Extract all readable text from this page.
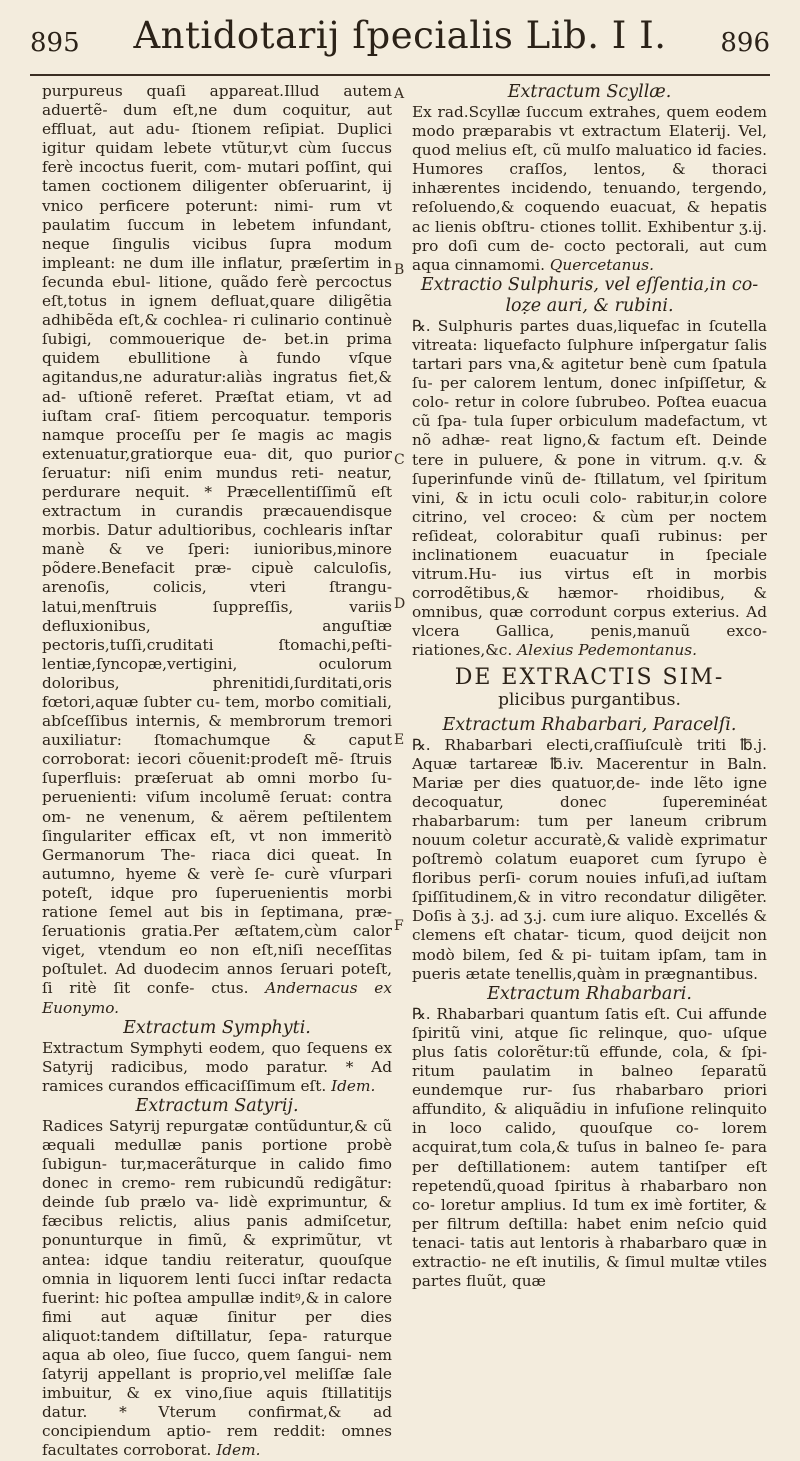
895	Antidotarij ſpecialis Lib. I I.	896
A
B
C
D
E
F

purpureus quaſi appareat.Illud autem aduertẽ- dum eſt,ne dum coquitur, aut effluat, aut adu- ſtionem reſipiat. Duplici igitur quidam lebete vtũtur,vt cùm ſuccus ferè incoctus fuerit, com- mutari poſſint, qui tamen coctionem diligenter obſeruarint, ij vnico perficere poterunt: nimi- rum vt paulatim ſuccum in lebetem infundant, neque ſingulis vicibus ſupra modum impleant: ne dum ille inflatur, præſertim in ſecunda ebul- litione, quãdo ferè percoctus eſt,totus in ignem defluat,quare diligẽtia adhibẽda eſt,& cochlea- ri culinario continuè ſubigi, commouerique de- bet.in prima quidem ebullitione à fundo vſque agitandus,ne aduratur:aliàs ingratus fiet,& ad- uſtionẽ referet. Præſtat etiam, vt ad iuſtam craſ- ſitiem percoquatur. temporis namque proceſſu per ſe magis ac magis extenuatur,gratiorque eua- dit, quo purior ſeruatur: niſi enim mundus reti- neatur, perdurare nequit. * Præcellentiſſimũ eſt extractum in curandis præcauendisque morbis. Datur adultioribus, cochlearis inſtar manè & ve ſperi: iunioribus,minore põdere.Benefacit præ- cipuè calculoſis, arenoſis, colicis, vteri ſtrangu- latui,menſtruis ſuppreſſis, variis defluxionibus, anguſtiæ pectoris,tuſſi,cruditati ſtomachi,peſti- lentiæ,ſyncopæ,vertigini, oculorum doloribus, phrenitidi,ſurditati,oris fœtori,aquæ ſubter cu- tem, morbo comitiali, abſceſſibus internis, & membrorum tremori auxiliatur: ſtomachumque & caput corroborat: iecori cõuenit:prodeſt mẽ- ſtruis ſuperfluis: præſeruat ab omni morbo ſu- peruenienti: viſum incolumẽ ſeruat: contra om- ne venenum, & aërem peſtilentem ſingulariter efficax eſt, vt non immeritò Germanorum The- riaca dici queat. In autumno, hyeme & verè ſe- curè vſurpari poteſt, idque pro ſuperuenientis morbi ratione ſemel aut bis in ſeptimana, præ- ſeruationis gratia.Per æſtatem,cùm calor viget, vtendum eo non eſt,niſi neceſſitas poſtulet. Ad duodecim annos ſeruari poteſt, ſi ritè ſit confe- ctus. Andernacus ex Euonymo.

Extractum Symphyti.

Extractum Symphyti eodem, quo ſequens ex Satyrij radicibus, modo paratur. * Ad ramices curandos efficaciſſimum eſt. Idem.

Extractum Satyrij.

Radices Satyrij repurgatæ contũduntur,& cũ æquali medullæ panis portione probè ſubigun- tur,macerãturque in calido fimo donec in cremo- rem rubicundũ redigãtur: deinde ſub prælo va- lidè exprimuntur, & fæcibus relictis, alius panis admiſcetur, ponunturque in fimũ, & exprimũtur, vt antea: idque tandiu reiteratur, quouſque omnia in liquorem lenti ſucci inſtar redacta fuerint: hic poſtea ampullæ inditꝰ,& in calore fimi aut aquæ ſinitur per dies aliquot:tandem diſtillatur, ſepa- raturque aqua ab oleo, ſiue ſucco, quem ſangui- nem ſatyrij appellant is proprio,vel meliſſæ ſale imbuitur, & ex vino,ſiue aquis ſtillatitijs datur. * Vterum confirmat,& ad concipiendum aptio- rem reddit: omnes facultates corroborat. Idem.

Extractum Scyllæ.

Ex rad.Scyllæ ſuccum extrahes, quem eodem modo præparabis vt extractum Elaterij. Vel, quod melius eſt, cũ mulſo maluatico id facies. Humores craſſos, lentos, & thoraci inhærentes incidendo, tenuando, tergendo, reſoluendo,& coquendo euacuat, & hepatis ac lienis obſtru- ctiones tollit. Exhibentur ʒ.ij. pro doſi cum de- cocto pectorali, aut cum aqua cinnamomi. Quercetanus.

Extractio Sulphuris, vel eſſentia,in co- loẓe auri, & rubini.

℞. Sulphuris partes duas,liquefac in ſcutella vitreata: liquefacto ſulphure inſpergatur ſalis tartari pars vna,& agitetur benè cum ſpatula ſu- per calorem lentum, donec inſpiſſetur, & colo- retur in colore ſubrubeo. Poſtea euacua cũ ſpa- tula ſuper orbiculum madefactum, vt nõ adhæ- reat ligno,& factum eſt. Deinde tere in puluere, & pone in vitrum. q.v. & ſuperinfunde vinũ de- ſtillatum, vel ſpiritum vini, & in ictu oculi colo- rabitur,in colore citrino, vel croceo: & cùm per noctem reſideat, colorabitur quaſi rubinus: per inclinationem euacuatur in ſpeciale vitrum.Hu- ius virtus eſt in morbis corrodẽtibus,& hæmor- rhoidibus, & omnibus, quæ corrodunt corpus exterius. Ad vlcera Gallica, penis,manuũ exco- riationes,&c. Alexius Pedemontanus.

DE EXTRACTIS SIM-
plicibus purgantibus.
Extractum Rhabarbari, Paracelſi.

℞. Rhabarbari electi,craſſiuſculè triti ℔.j. Aquæ tartareæ ℔.iv. Macerentur in Baln. Mariæ per dies quatuor,de- inde lẽto igne decoquatur, donec ſupereminéat rhabarbarum: tum per laneum cribrum nouum coletur accuratè,& validè exprimatur poſtremò colatum euaporet cum ſyrupo è floribus perſi- corum nouies infuſi,ad iuſtam ſpiſſitudinem,& in vitro recondatur diligẽter. Doſis à ʒ.j. ad ʒ.j. cum iure aliquo. Excellés & clemens eſt chatar- ticum, quod deijcit non modò bilem, ſed & pi- tuitam ipſam, tam in pueris ætate tenellis,quàm in prægnantibus.

Extractum Rhabarbari.

℞. Rhabarbari quantum ſatis eſt. Cui affunde ſpiritũ vini, atque ſic relinque, quo- uſque plus ſatis colorẽtur:tũ effunde, cola, & ſpi- ritum paulatim in balneo ſeparatũ eundemque rur- ſus rhabarbaro priori affundito, & aliquãdiu in infuſione relinquito in loco calido, quouſque co- lorem acquirat,tum cola,& tuſus in balneo ſe- para per deſtillationem: autem tantiſper eſt repetendũ,quoad ſpiritus à rhabarbaro non co- loretur amplius. Id tum ex imè fortiter, & per filtrum deſtilla: habet enim neſcio quid tenaci- tatis aut lentoris à rhabarbaro quæ in extractio- ne eſt inutilis, & ſimul multæ vtiles partes fluũt, quæ
